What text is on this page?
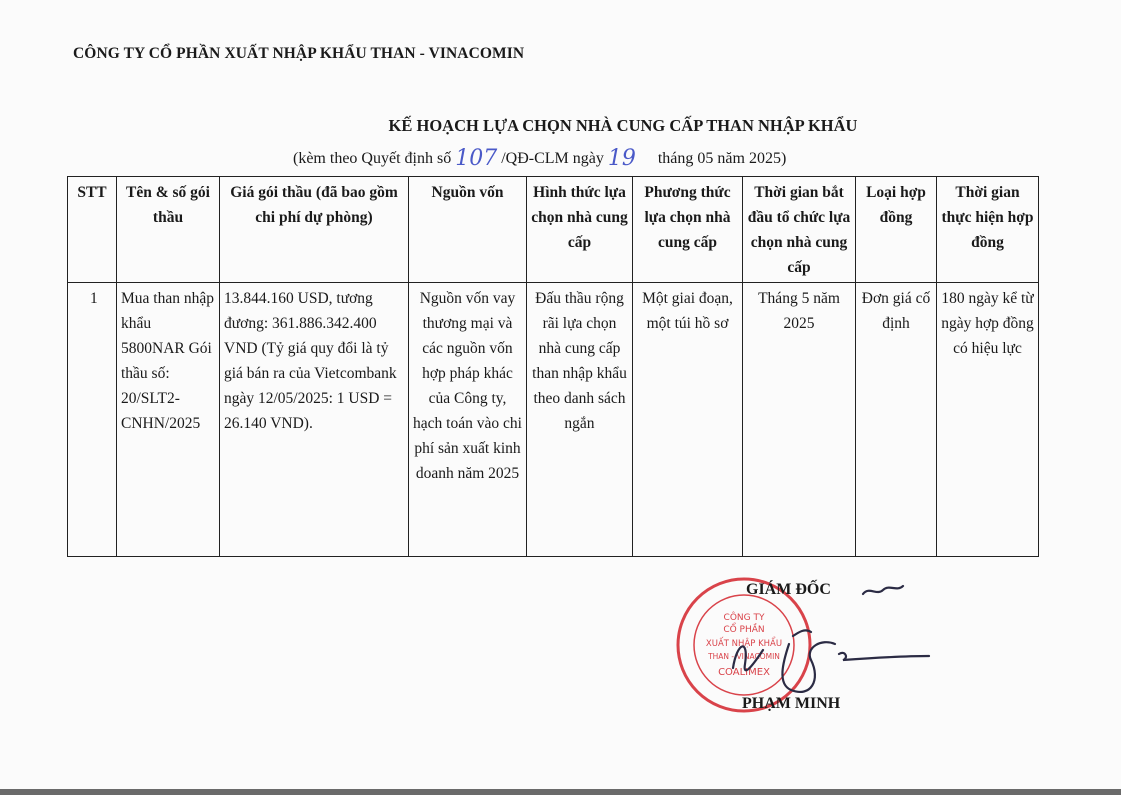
CÔNG TY CỔ PHẦN XUẤT NHẬP KHẨU THAN - VINACOMIN
KẾ HOẠCH LỰA CHỌN NHÀ CUNG CẤP THAN NHẬP KHẨU
(kèm theo Quyết định số 107 /QĐ-CLM ngày 19 tháng 05 năm 2025)
STT	Tên & số gói thầu	Giá gói thầu (đã bao gồm chi phí dự phòng)	Nguồn vốn	Hình thức lựa chọn nhà cung cấp	Phương thức lựa chọn nhà cung cấp	Thời gian bắt đầu tổ chức lựa chọn nhà cung cấp	Loại hợp đồng	Thời gian thực hiện hợp đồng
1	Mua than nhập khẩu 5800NAR Gói thầu số: 20/SLT2-CNHN/2025	13.844.160 USD, tương đương: 361.886.342.400 VND (Tỷ giá quy đổi là tỷ giá bán ra của Vietcombank ngày 12/05/2025: 1 USD = 26.140 VND).	Nguồn vốn vay thương mại và các nguồn vốn hợp pháp khác của Công ty, hạch toán vào chi phí sản xuất kinh doanh năm 2025	Đấu thầu rộng rãi lựa chọn nhà cung cấp than nhập khẩu theo danh sách ngắn	Một giai đoạn, một túi hồ sơ	Tháng 5 năm 2025	Đơn giá cố định	180 ngày kể từ ngày hợp đồng có hiệu lực
CÔNG TY
CỔ PHẦN
XUẤT NHẬP KHẨU
THAN - VINACOMIN
COALIMEX
GIÁM ĐỐC
PHẠM MINH
